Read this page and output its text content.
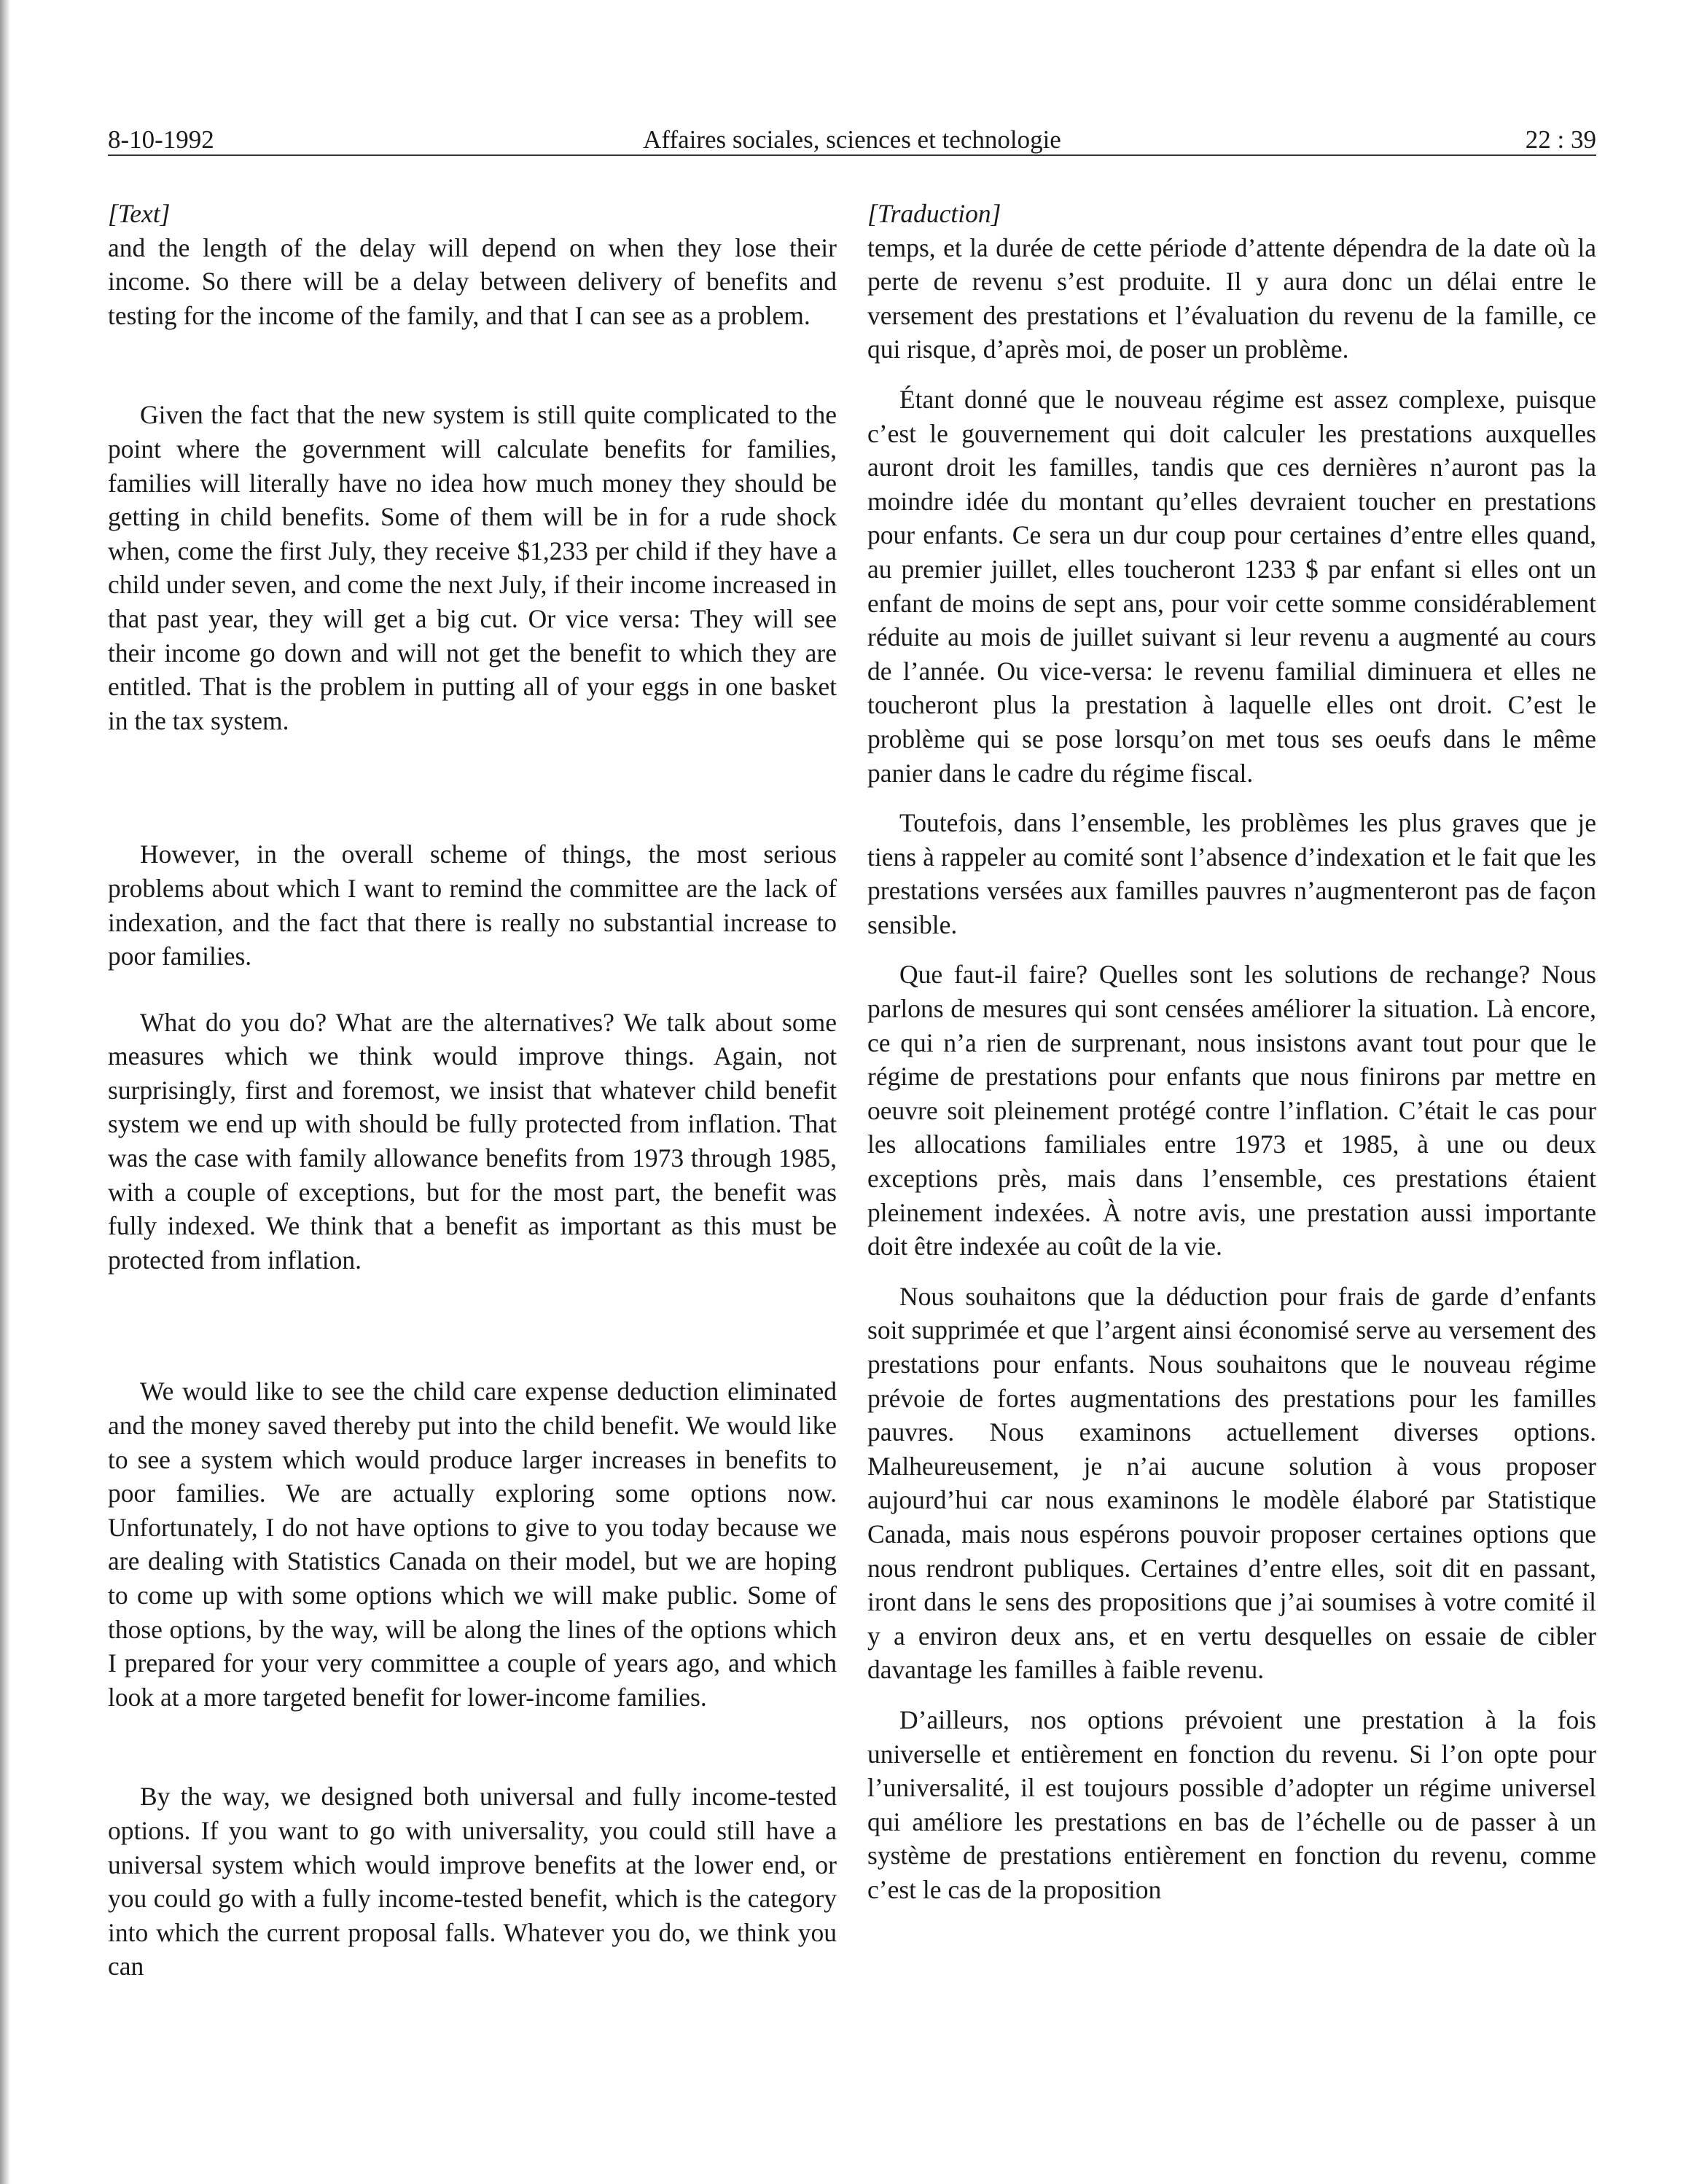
8-10-1992	Affaires sociales, sciences et technologie	22 : 39
[Text]

and the length of the delay will depend on when they lose their income. So there will be a delay between delivery of benefits and testing for the income of the family, and that I can see as a problem.

Given the fact that the new system is still quite complicated to the point where the government will calculate benefits for families, families will literally have no idea how much money they should be getting in child benefits. Some of them will be in for a rude shock when, come the first July, they receive $1,233 per child if they have a child under seven, and come the next July, if their income increased in that past year, they will get a big cut. Or vice versa: They will see their income go down and will not get the benefit to which they are entitled. That is the problem in putting all of your eggs in one basket in the tax system.

However, in the overall scheme of things, the most serious problems about which I want to remind the committee are the lack of indexation, and the fact that there is really no substantial increase to poor families.

What do you do? What are the alternatives? We talk about some measures which we think would improve things. Again, not surprisingly, first and foremost, we insist that whatever child benefit system we end up with should be fully protected from inflation. That was the case with family allowance benefits from 1973 through 1985, with a couple of exceptions, but for the most part, the benefit was fully indexed. We think that a benefit as important as this must be protected from inflation.

We would like to see the child care expense deduction eliminated and the money saved thereby put into the child benefit. We would like to see a system which would produce larger increases in benefits to poor families. We are actually exploring some options now. Unfortunately, I do not have options to give to you today because we are dealing with Statistics Canada on their model, but we are hoping to come up with some options which we will make public. Some of those options, by the way, will be along the lines of the options which I prepared for your very committee a couple of years ago, and which look at a more targeted benefit for lower-income families.

By the way, we designed both universal and fully income-tested options. If you want to go with universality, you could still have a universal system which would improve benefits at the lower end, or you could go with a fully income-tested benefit, which is the category into which the current proposal falls. Whatever you do, we think you can

[Traduction]

temps, et la durée de cette période d’attente dépendra de la date où la perte de revenu s’est produite. Il y aura donc un délai entre le versement des prestations et l’évaluation du revenu de la famille, ce qui risque, d’après moi, de poser un problème.

Étant donné que le nouveau régime est assez complexe, puisque c’est le gouvernement qui doit calculer les prestations auxquelles auront droit les familles, tandis que ces dernières n’auront pas la moindre idée du montant qu’elles devraient toucher en prestations pour enfants. Ce sera un dur coup pour certaines d’entre elles quand, au premier juillet, elles toucheront 1233 $ par enfant si elles ont un enfant de moins de sept ans, pour voir cette somme considérablement réduite au mois de juillet suivant si leur revenu a augmenté au cours de l’année. Ou vice-versa: le revenu familial diminuera et elles ne toucheront plus la prestation à laquelle elles ont droit. C’est le problème qui se pose lorsqu’on met tous ses oeufs dans le même panier dans le cadre du régime fiscal.

Toutefois, dans l’ensemble, les problèmes les plus graves que je tiens à rappeler au comité sont l’absence d’indexation et le fait que les prestations versées aux familles pauvres n’augmenteront pas de façon sensible.

Que faut-il faire? Quelles sont les solutions de rechange? Nous parlons de mesures qui sont censées améliorer la situation. Là encore, ce qui n’a rien de surprenant, nous insistons avant tout pour que le régime de prestations pour enfants que nous finirons par mettre en oeuvre soit pleinement protégé contre l’inflation. C’était le cas pour les allocations familiales entre 1973 et 1985, à une ou deux exceptions près, mais dans l’ensemble, ces prestations étaient pleinement indexées. À notre avis, une prestation aussi importante doit être indexée au coût de la vie.

Nous souhaitons que la déduction pour frais de garde d’enfants soit supprimée et que l’argent ainsi économisé serve au versement des prestations pour enfants. Nous souhaitons que le nouveau régime prévoie de fortes augmentations des prestations pour les familles pauvres. Nous examinons actuellement diverses options. Malheureusement, je n’ai aucune solution à vous proposer aujourd’hui car nous examinons le modèle élaboré par Statistique Canada, mais nous espérons pouvoir proposer certaines options que nous rendront publiques. Certaines d’entre elles, soit dit en passant, iront dans le sens des propositions que j’ai soumises à votre comité il y a environ deux ans, et en vertu desquelles on essaie de cibler davantage les familles à faible revenu.

D’ailleurs, nos options prévoient une prestation à la fois universelle et entièrement en fonction du revenu. Si l’on opte pour l’universalité, il est toujours possible d’adopter un régime universel qui améliore les prestations en bas de l’échelle ou de passer à un système de prestations entièrement en fonction du revenu, comme c’est le cas de la proposition
